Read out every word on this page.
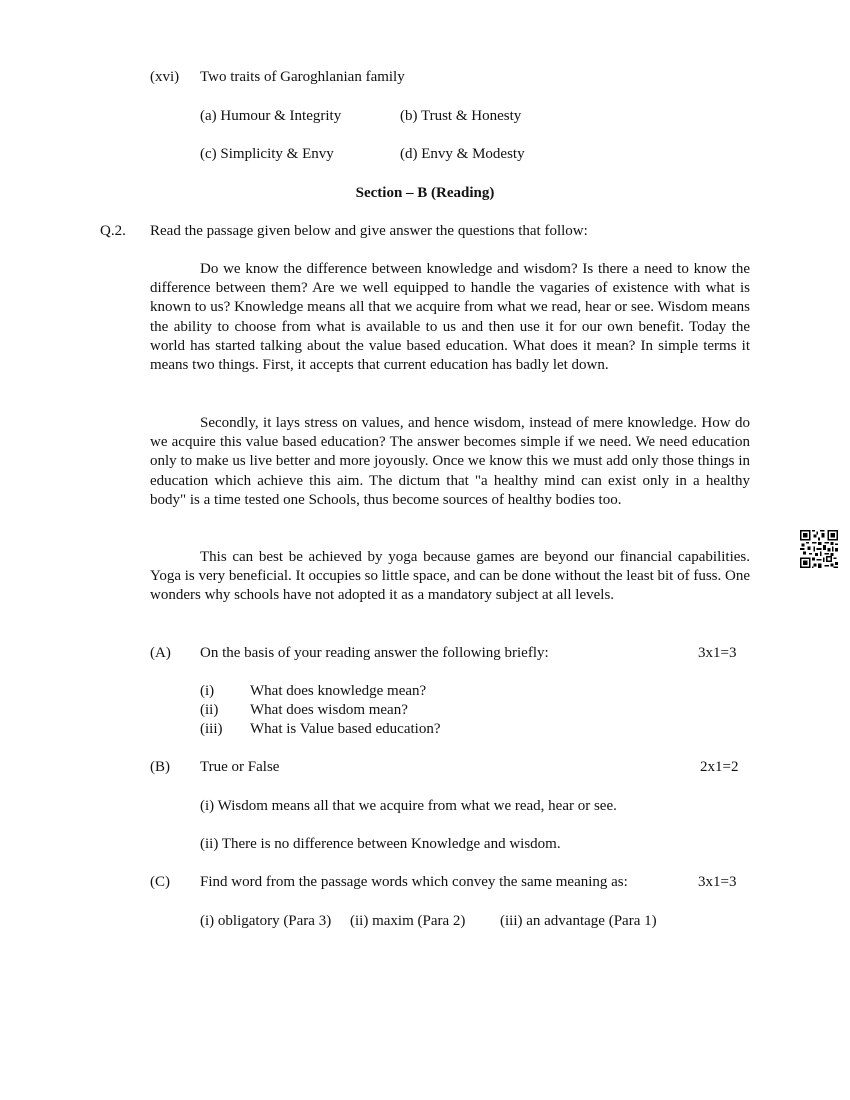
(xvi) Two traits of Garoghlanian family
(a) Humour & Integrity	(b) Trust & Honesty
(c) Simplicity & Envy	(d) Envy & Modesty
Section – B (Reading)
Q.2. Read the passage given below and give answer the questions that follow:

Do we know the difference between knowledge and wisdom? Is there a need to know the difference between them? Are we well equipped to handle the vagaries of existence with what is known to us? Knowledge means all that we acquire from what we read, hear or see. Wisdom means the ability to choose from what is available to us and then use it for our own benefit. Today the world has started talking about the value based education. What does it mean? In simple terms it means two things. First, it accepts that current education has badly let down.

Secondly, it lays stress on values, and hence wisdom, instead of mere knowledge. How do we acquire this value based education? The answer becomes simple if we need. We need education only to make us live better and more joyously. Once we know this we must add only those things in education which achieve this aim. The dictum that "a healthy mind can exist only in a healthy body" is a time tested one Schools, thus become sources of healthy bodies too.

This can best be achieved by yoga because games are beyond our financial capabilities. Yoga is very beneficial. It occupies so little space, and can be done without the least bit of fuss. One wonders why schools have not adopted it as a mandatory subject at all levels.

(A) On the basis of your reading answer the following briefly:	3x1=3
(i) What does knowledge mean?
(ii) What does wisdom mean?
(iii) What is Value based education?
(B) True or False	2x1=2
(i) Wisdom means all that we acquire from what we read, hear or see.
(ii) There is no difference between Knowledge and wisdom.
(C) Find word from the passage words which convey the same meaning as:	3x1=3
(i) obligatory (Para 3) (ii) maxim (Para 2) (iii) an advantage (Para 1)
